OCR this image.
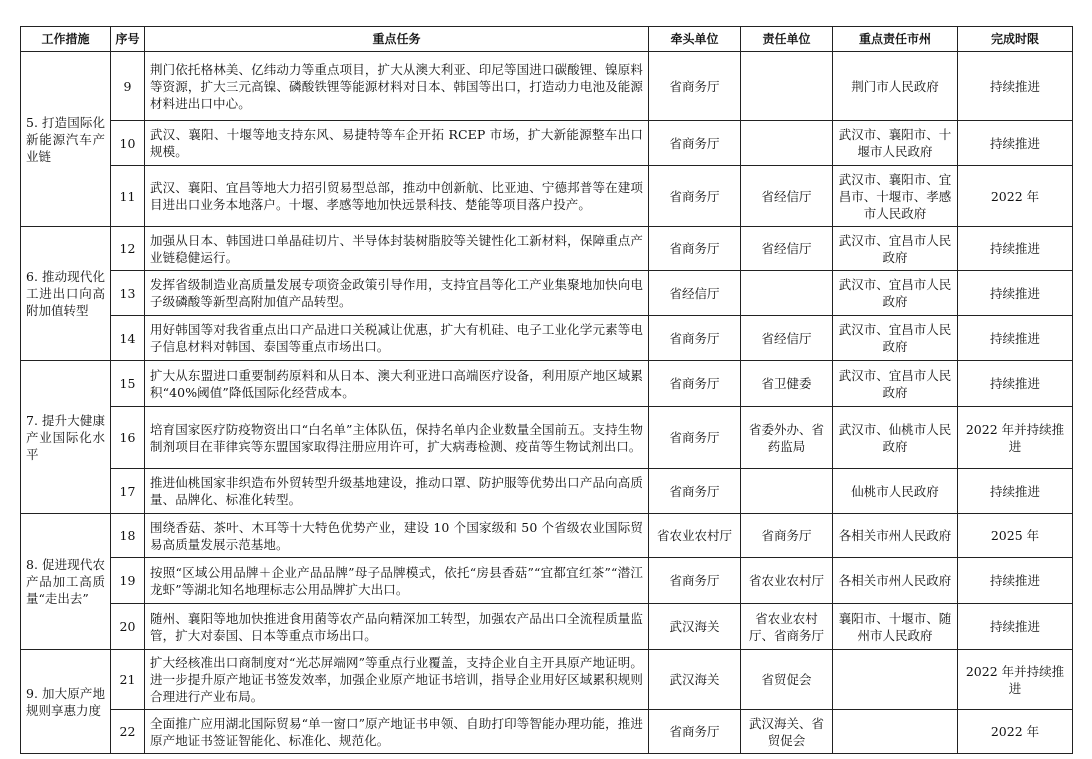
工作措施	序号	重点任务	牵头单位	责任单位	重点责任市州	完成时限
5. 打造国际化新能源汽车产业链	9	荆门依托格林美、亿纬动力等重点项目，扩大从澳大利亚、印尼等国进口碳酸锂、镍原料等资源，扩大三元高镍、磷酸铁锂等能源材料对日本、韩国等出口，打造动力电池及能源材料进出口中心。	省商务厅		荆门市人民政府	持续推进
	10	武汉、襄阳、十堰等地支持东风、易捷特等车企开拓 RCEP 市场，扩大新能源整车出口规模。	省商务厅		武汉市、襄阳市、十堰市人民政府	持续推进
	11	武汉、襄阳、宜昌等地大力招引贸易型总部，推动中创新航、比亚迪、宁德邦普等在建项目进出口业务本地落户。十堰、孝感等地加快远景科技、楚能等项目落户投产。	省商务厅	省经信厅	武汉市、襄阳市、宜昌市、十堰市、孝感市人民政府	2022 年
6. 推动现代化工进出口向高附加值转型	12	加强从日本、韩国进口单晶硅切片、半导体封装树脂胶等关键性化工新材料，保障重点产业链稳健运行。	省商务厅	省经信厅	武汉市、宜昌市人民政府	持续推进
	13	发挥省级制造业高质量发展专项资金政策引导作用，支持宜昌等化工产业集聚地加快向电子级磷酸等新型高附加值产品转型。	省经信厅		武汉市、宜昌市人民政府	持续推进
	14	用好韩国等对我省重点出口产品进口关税减让优惠，扩大有机硅、电子工业化学元素等电子信息材料对韩国、泰国等重点市场出口。	省商务厅	省经信厅	武汉市、宜昌市人民政府	持续推进
7. 提升大健康产业国际化水平	15	扩大从东盟进口重要制药原料和从日本、澳大利亚进口高端医疗设备，利用原产地区域累积“40%阈值”降低国际化经营成本。	省商务厅	省卫健委	武汉市、宜昌市人民政府	持续推进
	16	培育国家医疗防疫物资出口“白名单”主体队伍，保持名单内企业数量全国前五。支持生物制剂项目在菲律宾等东盟国家取得注册应用许可，扩大病毒检测、疫苗等生物试剂出口。	省商务厅	省委外办、省药监局	武汉市、仙桃市人民政府	2022 年并持续推进
	17	推进仙桃国家非织造布外贸转型升级基地建设，推动口罩、防护服等优势出口产品向高质量、品牌化、标准化转型。	省商务厅		仙桃市人民政府	持续推进
8. 促进现代农产品加工高质量“走出去”	18	围绕香菇、茶叶、木耳等十大特色优势产业，建设 10 个国家级和 50 个省级农业国际贸易高质量发展示范基地。	省农业农村厅	省商务厅	各相关市州人民政府	2025 年
	19	按照“区域公用品牌＋企业产品品牌”母子品牌模式，依托“房县香菇”“宜都宜红茶”“潜江龙虾”等湖北知名地理标志公用品牌扩大出口。	省商务厅	省农业农村厅	各相关市州人民政府	持续推进
	20	随州、襄阳等地加快推进食用菌等农产品向精深加工转型，加强农产品出口全流程质量监管，扩大对泰国、日本等重点市场出口。	武汉海关	省农业农村厅、省商务厅	襄阳市、十堰市、随州市人民政府	持续推进
9. 加大原产地规则享惠力度	21	扩大经核准出口商制度对“光芯屏端网”等重点行业覆盖，支持企业自主开具原产地证明。进一步提升原产地证书签发效率，加强企业原产地证书培训，指导企业用好区域累积规则合理进行产业布局。	武汉海关	省贸促会		2022 年并持续推进
	22	全面推广应用湖北国际贸易“单一窗口”原产地证书申领、自助打印等智能办理功能，推进原产地证书签证智能化、标准化、规范化。	省商务厅	武汉海关、省贸促会		2022 年
